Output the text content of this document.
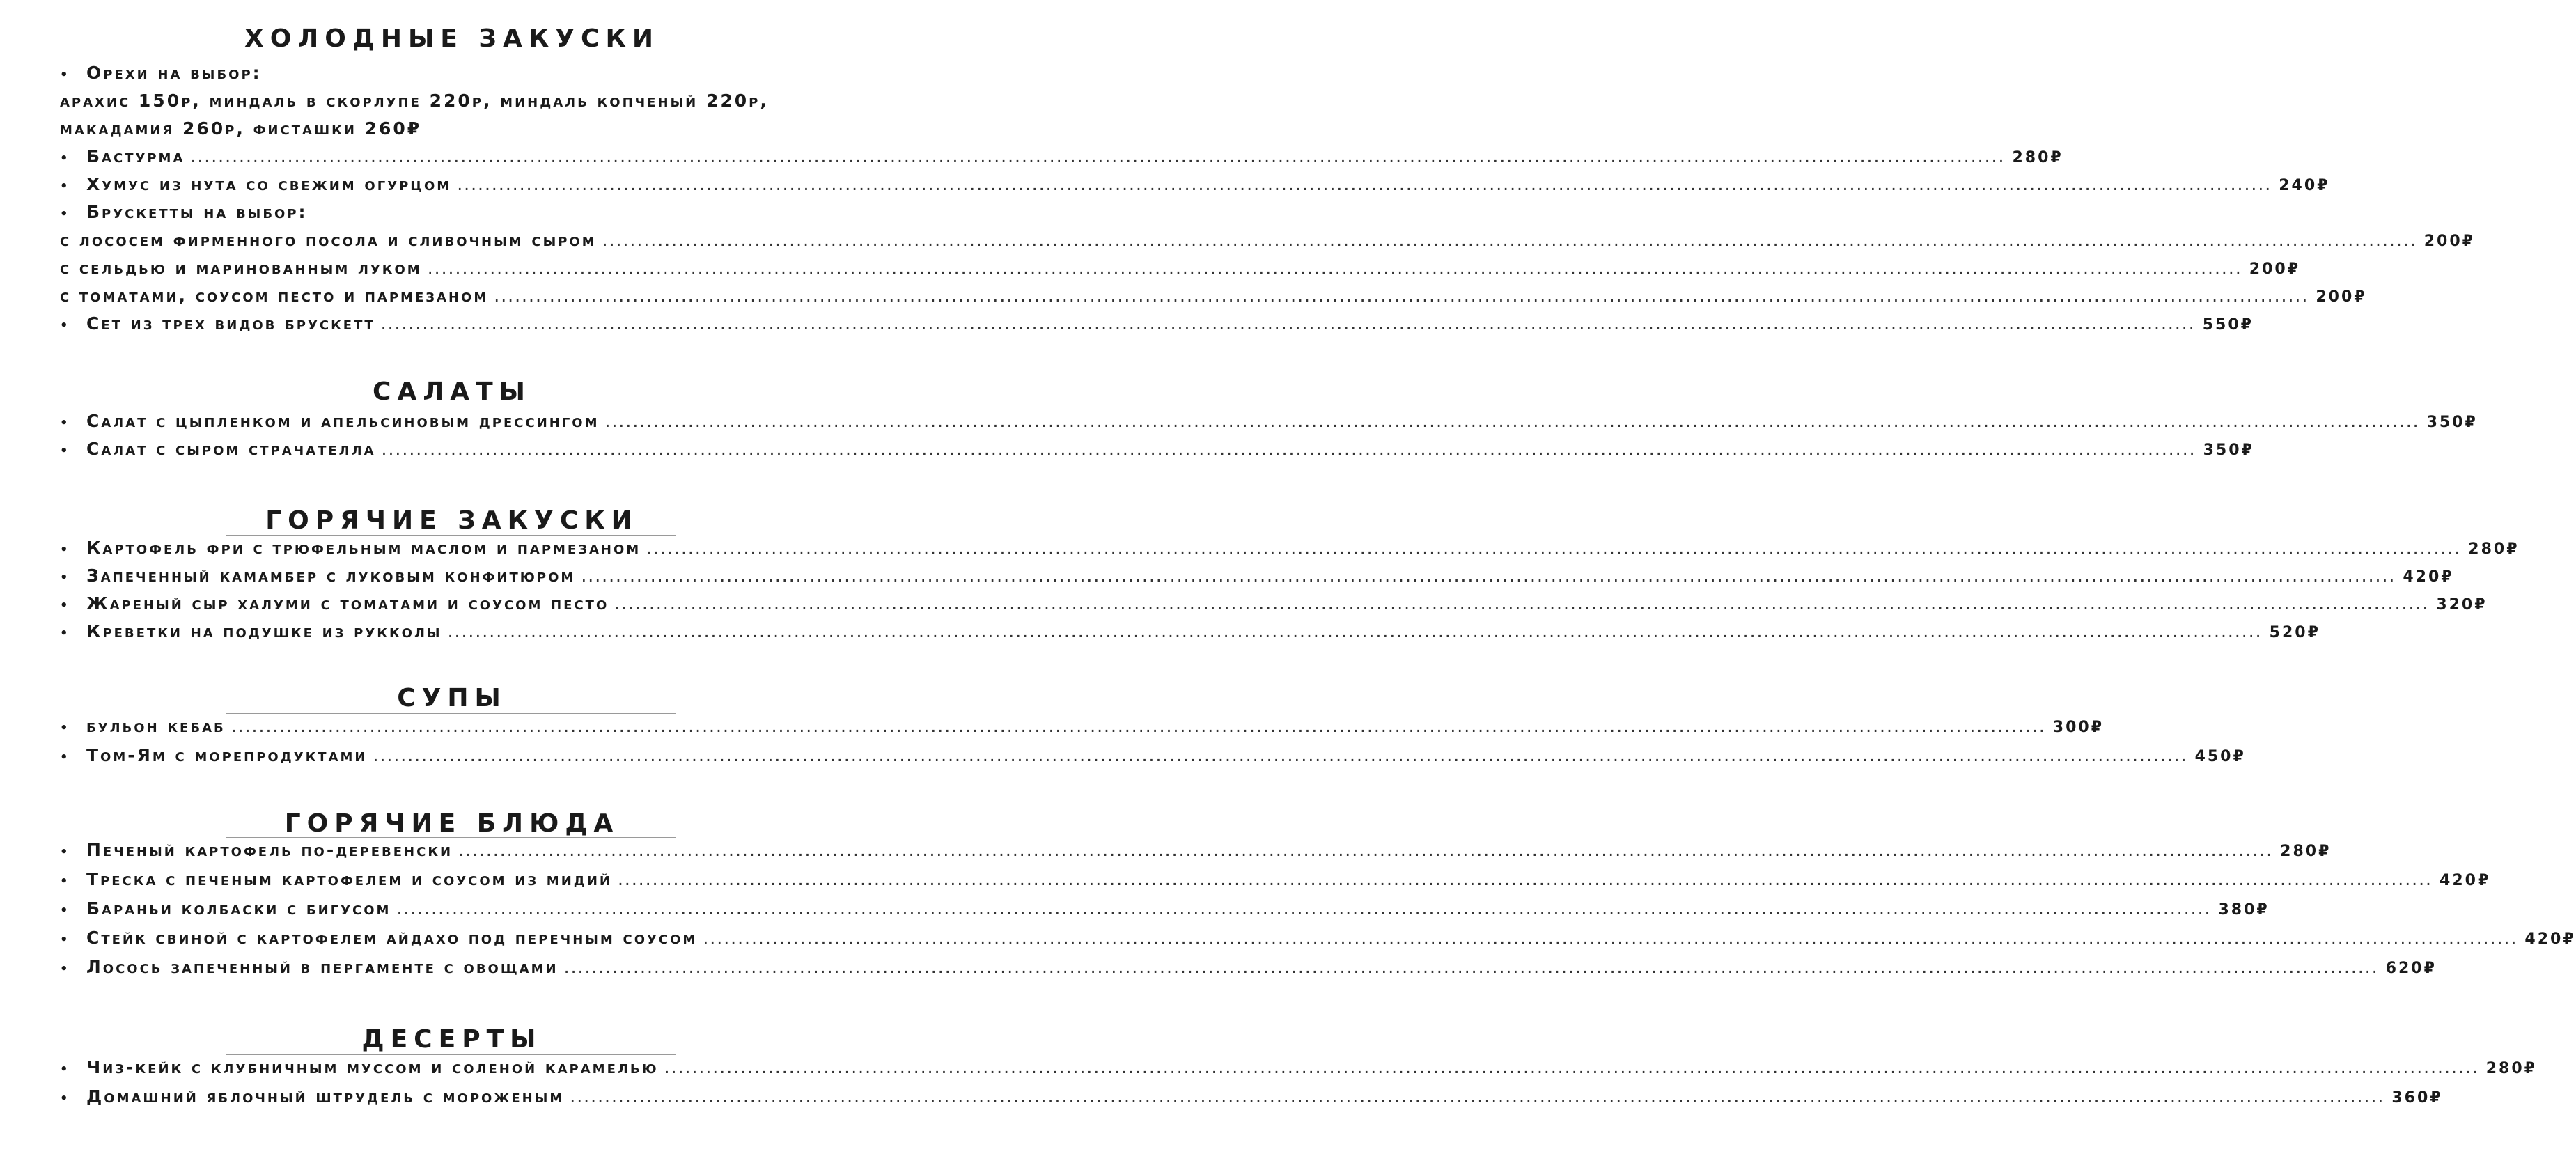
ХОЛОДНЫЕ ЗАКУСКИ
• Орехи на выбор:
арахис 150р, миндаль в скорлупе 220р, миндаль копченый 220р,
макадамия 260р, фисташки 260₽
• Бастурма .....	280₽
• Хумус из нута со свежим огурцом .....	240₽
• Брускетты на выбор:
с лососем фирменного посола и сливочным сыром .....	200₽
с сельдью и маринованным луком .....	200₽
с томатами, соусом песто и пармезаном .....	200₽
• Сет из трех видов брускетт .....	550₽
САЛАТЫ
• Салат с цыпленком и апельсиновым дрессингом .....	350₽
• Салат с сыром страчателла .....	350₽
ГОРЯЧИЕ ЗАКУСКИ
• Картофель фри с трюфельным маслом и пармезаном .....	280₽
• Запеченный камамбер с луковым конфитюром .....	420₽
• Жареный сыр халуми с томатами и соусом песто .....	320₽
• Креветки на подушке из рукколы .....	520₽
СУПЫ
• бульон кебаб .....	300₽
• Том-Ям с морепродуктами .....	450₽
ГОРЯЧИЕ БЛЮДА
• Печеный картофель по-деревенски .....	280₽
• Треска с печеным картофелем и соусом из мидий .....	420₽
• Бараньи колбаски с бигусом .....	380₽
• Стейк свиной с картофелем айдахо под перечным соусом .....	420₽
• Лосось запеченный в пергаменте с овощами .....	620₽
ДЕСЕРТЫ
• Чиз-кейк с клубничным муссом и соленой карамелью .....	280₽
• Домашний яблочный штрудель с мороженым .....	360₽
